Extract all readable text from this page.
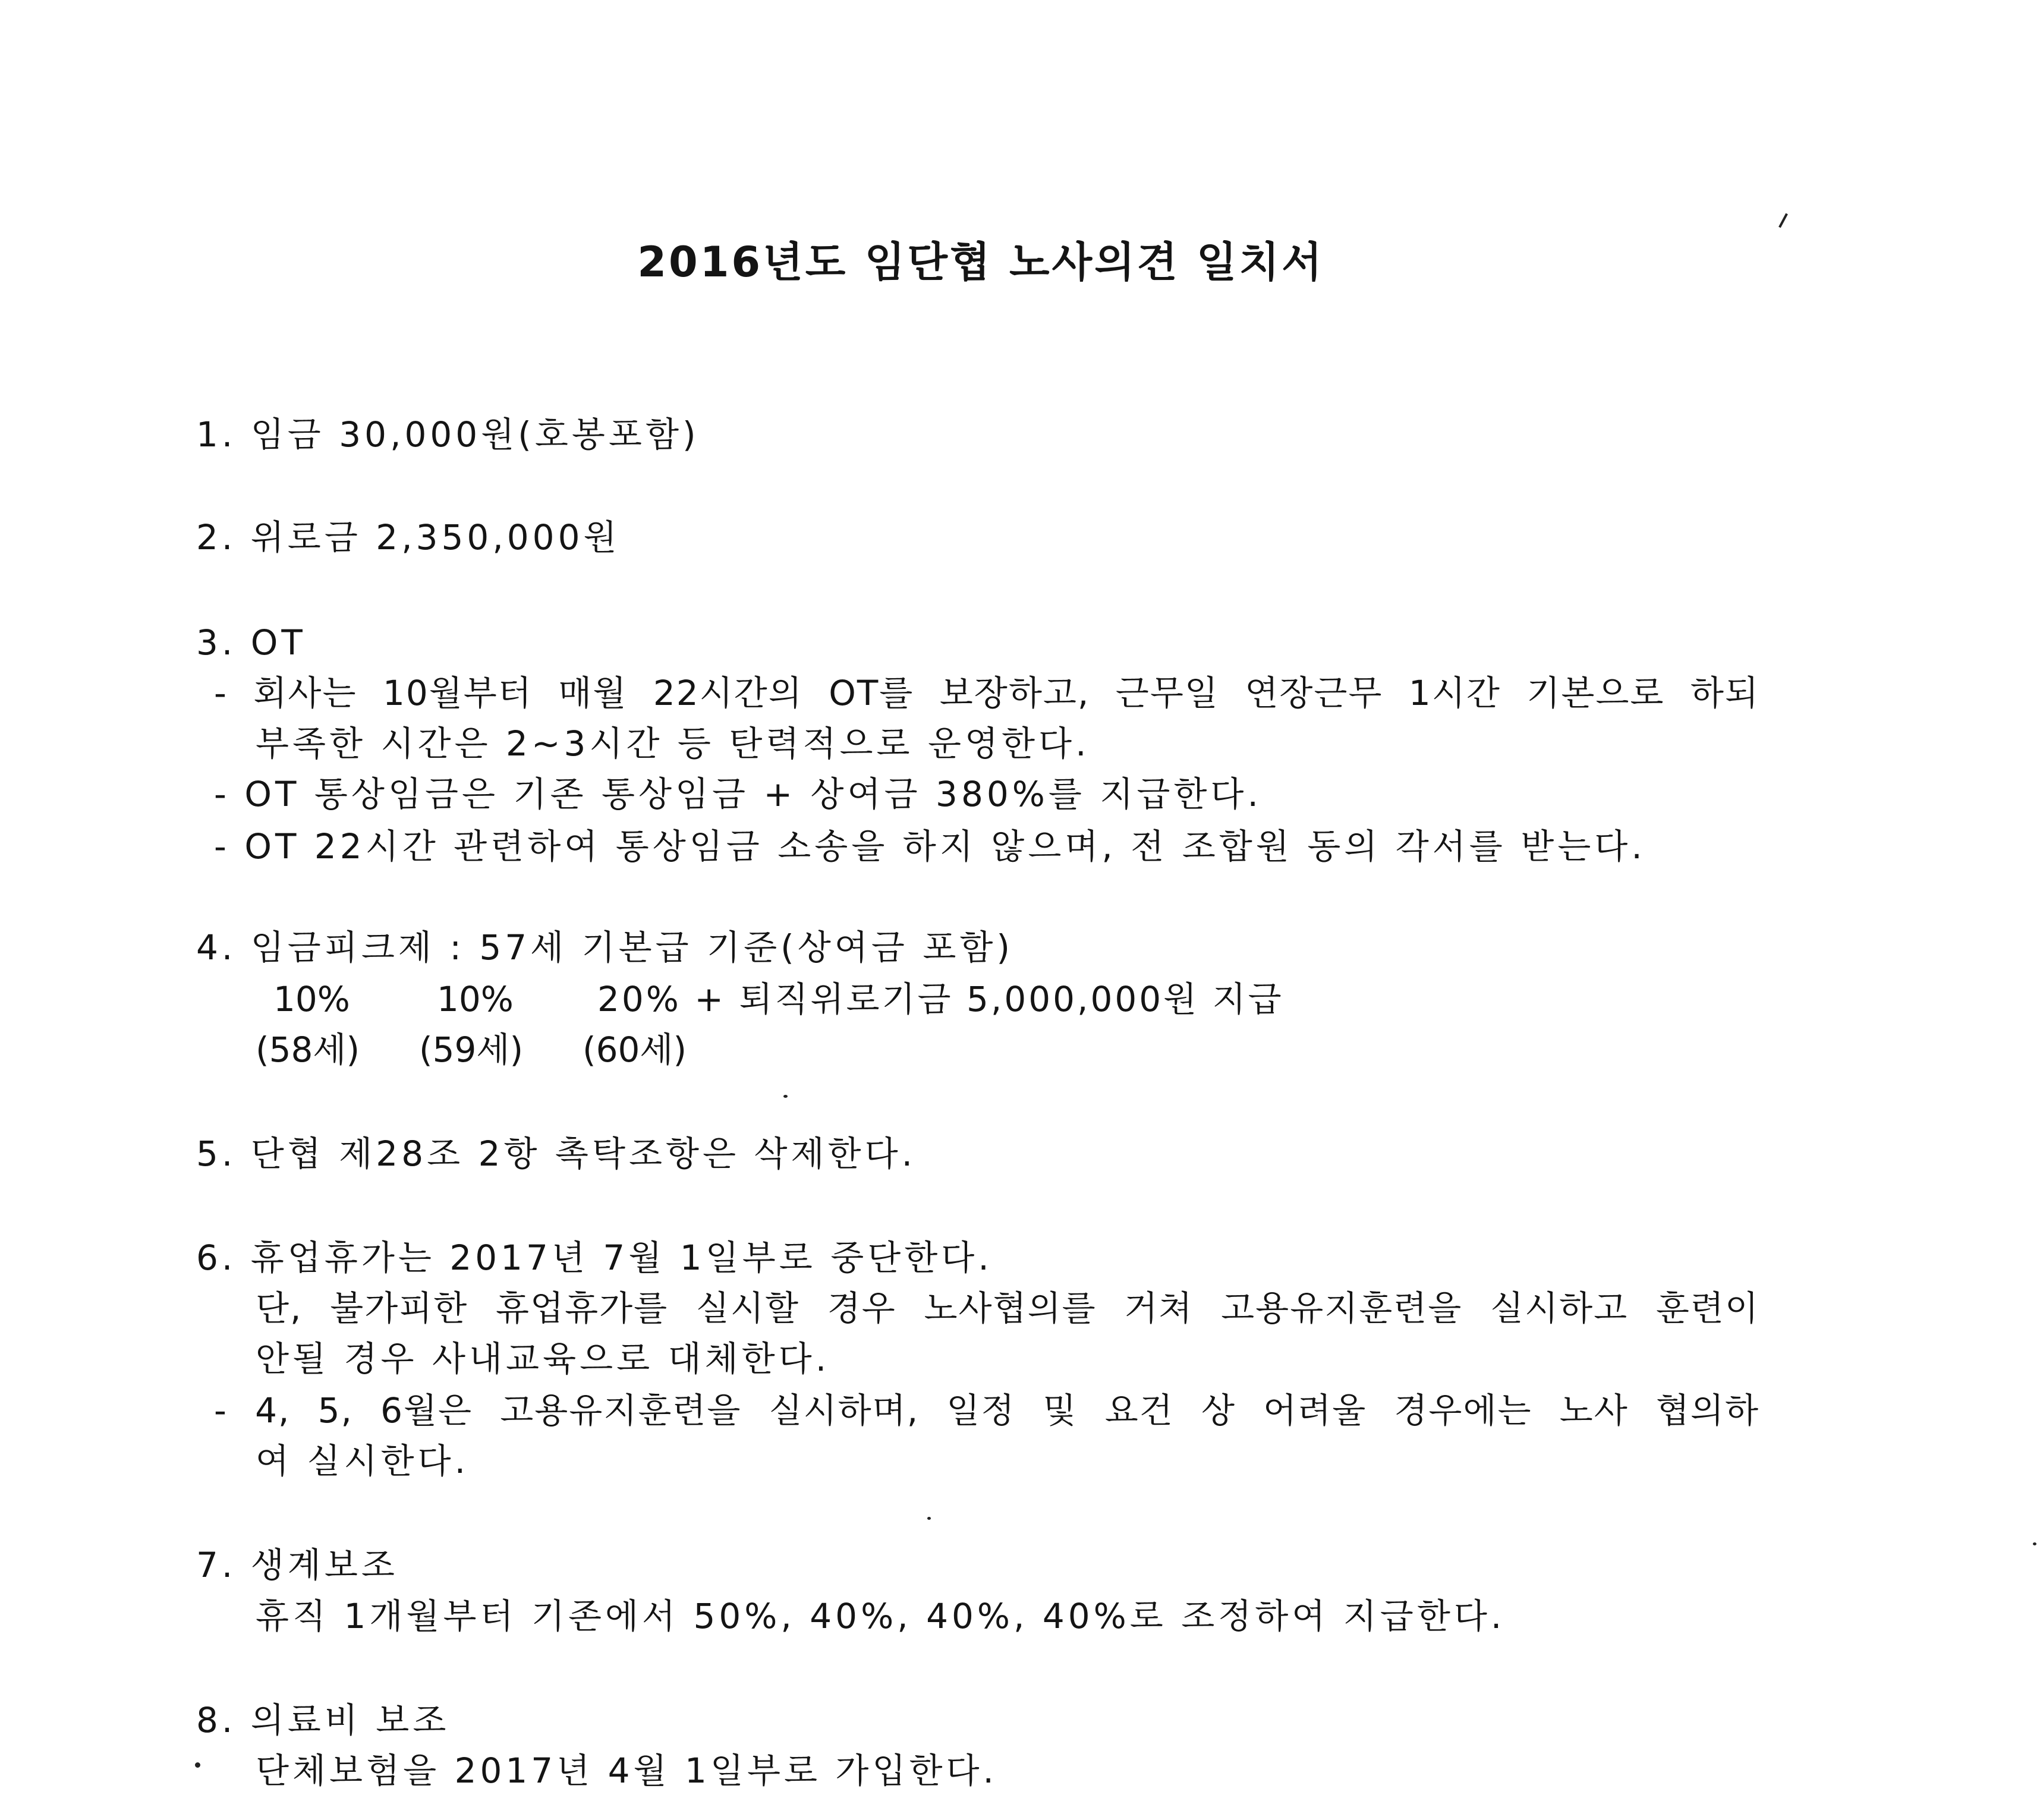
2016년도 임단협 노사의견 일치서
1. 임금 30,000원(호봉포함)
2. 위로금 2,350,000원
3. OT
- 회사는 10월부터 매월 22시간의 OT를 보장하고, 근무일 연장근무 1시간 기본으로 하되
부족한 시간은 2~3시간 등 탄력적으로 운영한다.
- OT 통상임금은 기존 통상임금 + 상여금 380%를 지급한다.
- OT 22시간 관련하여 통상임금 소송을 하지 않으며, 전 조합원 동의 각서를 받는다.
4. 임금피크제 : 57세 기본급 기준(상여금 포함)
10%	10% 20% + 퇴직위로기금 5,000,000원 지급
(58세) (59세) (60세)
5. 단협 제28조 2항 촉탁조항은 삭제한다.
6. 휴업휴가는 2017년 7월 1일부로 중단한다.
단, 불가피한 휴업휴가를 실시할 경우 노사협의를 거쳐 고용유지훈련을 실시하고 훈련이
안될 경우 사내교육으로 대체한다.
- 4, 5, 6월은 고용유지훈련을 실시하며, 일정 및 요건 상 어려울 경우에는 노사 협의하
여 실시한다.
7. 생계보조
휴직 1개월부터 기존에서 50%, 40%, 40%, 40%로 조정하여 지급한다.
8. 의료비 보조
단체보험을 2017년 4월 1일부로 가입한다.
